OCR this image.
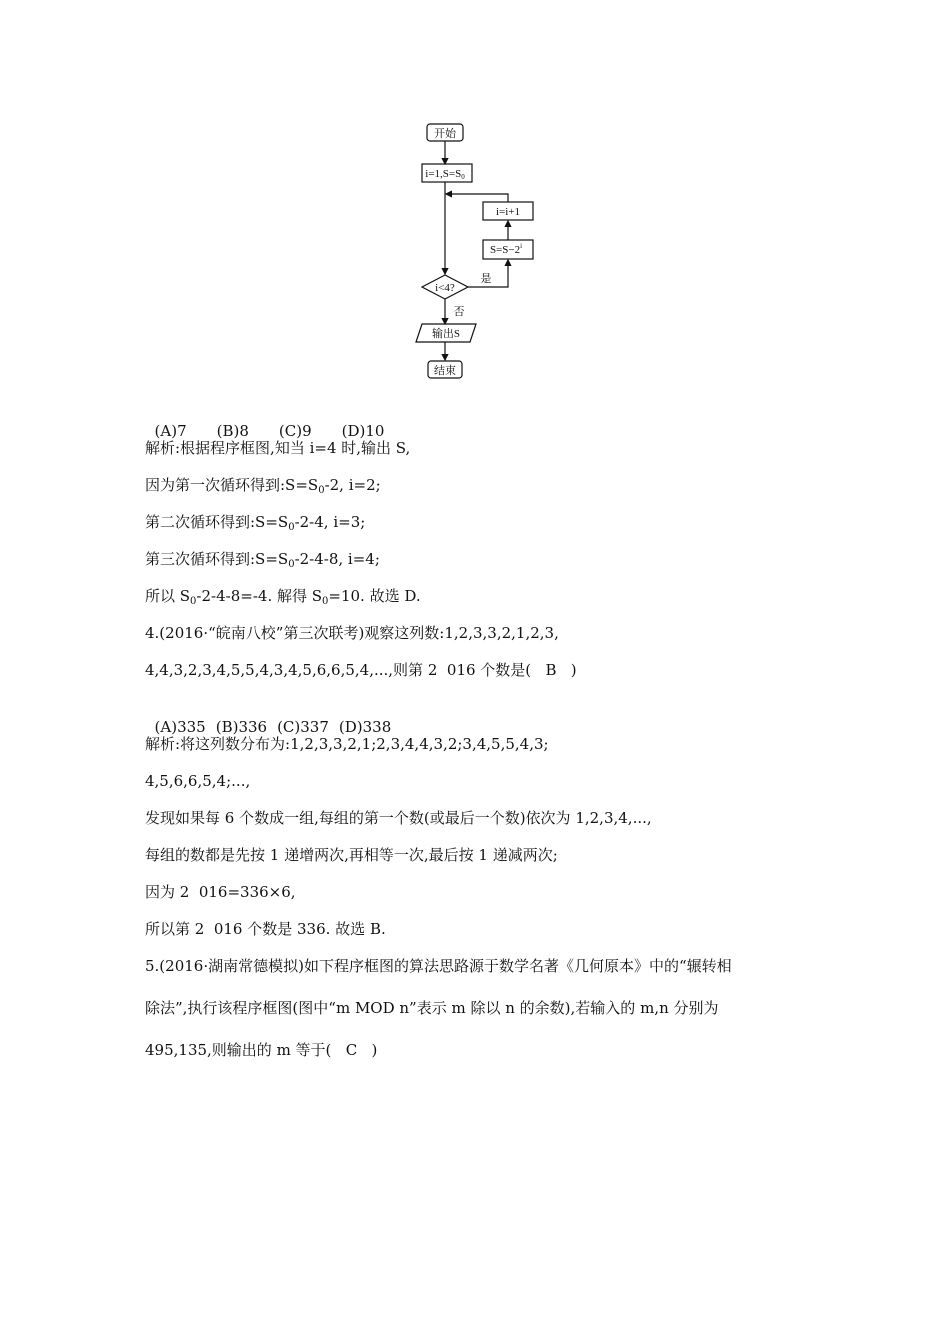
开始
i=1,S=S0
i=i+1
$S=S-2^i$
i<4?
是
否
输出S
结束

(A)7 (B)8 (C)9 (D)10

解析:根据程序框图,知当 i=4 时,输出 S,
因为第一次循环得到$:S=S_0-2$, i=2;
第二次循环得到$:S=S_0-2-4$, i=3;
第三次循环得到$:S=S_0-2-4-8$, i=4;
所以 $S_0-2-4-8=-4$. 解得 $S_0=10$. 故选 D.
4.(2016·“皖南八校”第三次联考)观察这列数:1,2,3,3,2,1,2,3,
4,4,3,2,3,4,5,5,4,3,4,5,6,6,5,4,...,则第 2  016 个数是(   B   )

(A)335 (B)336 (C)337 (D)338

解析:将这列数分布为:1,2,3,3,2,1;2,3,4,4,3,2;3,4,5,5,4,3;
4,5,6,6,5,4;...,
发现如果每 6 个数成一组,每组的第一个数(或最后一个数)依次为 1,2,3,4,...,
每组的数都是先按 1 递增两次,再相等一次,最后按 1 递减两次;
因为 2  016=336×6,
所以第 2  016 个数是 336. 故选 B.
5.(2016·湖南常德模拟)如下程序框图的算法思路源于数学名著《几何原本》中的“辗转相
除法”,执行该程序框图(图中“m MOD n”表示 m 除以 n 的余数),若输入的 m,n 分别为
495,135,则输出的 m 等于(   C   )
